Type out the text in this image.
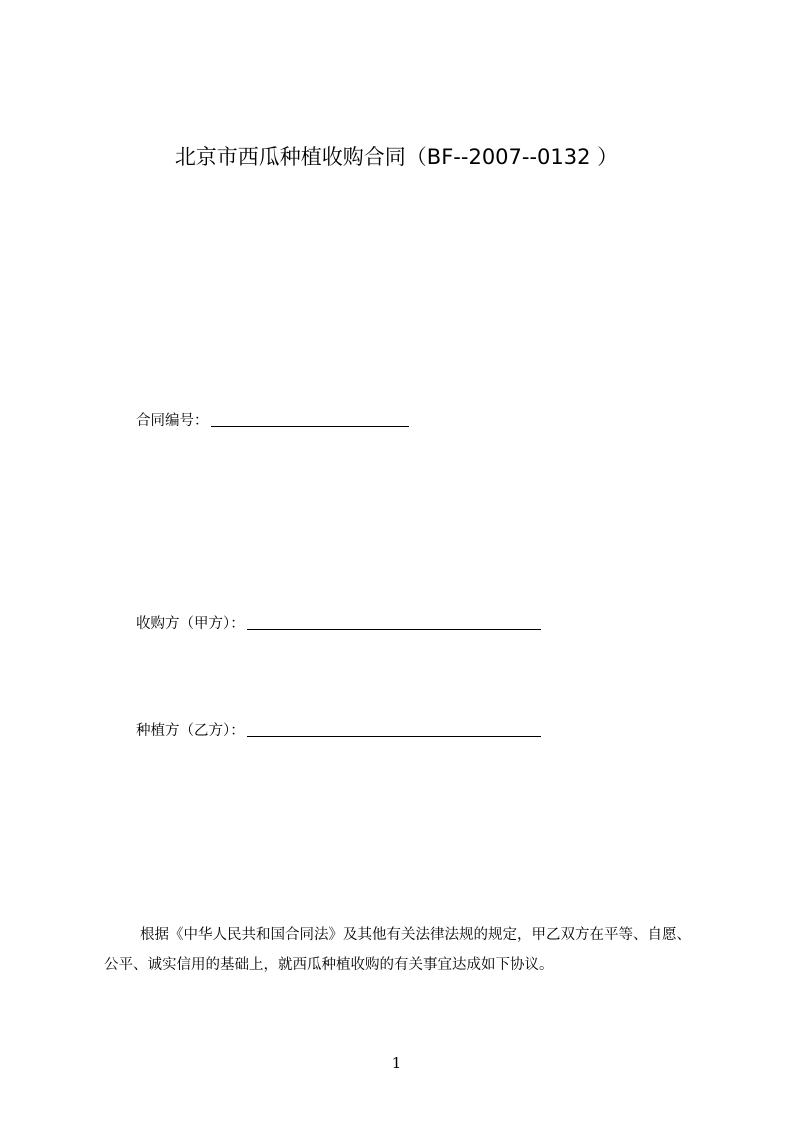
北京市西瓜种植收购合同（BF--2007--0132 ）
合同编号：
收购方（甲方）：
种植方（乙方）：
根据《中华人民共和国合同法》及其他有关法律法规的规定，甲乙双方在平等、自愿、公平、诚实信用的基础上，就西瓜种植收购的有关事宜达成如下协议。
1
